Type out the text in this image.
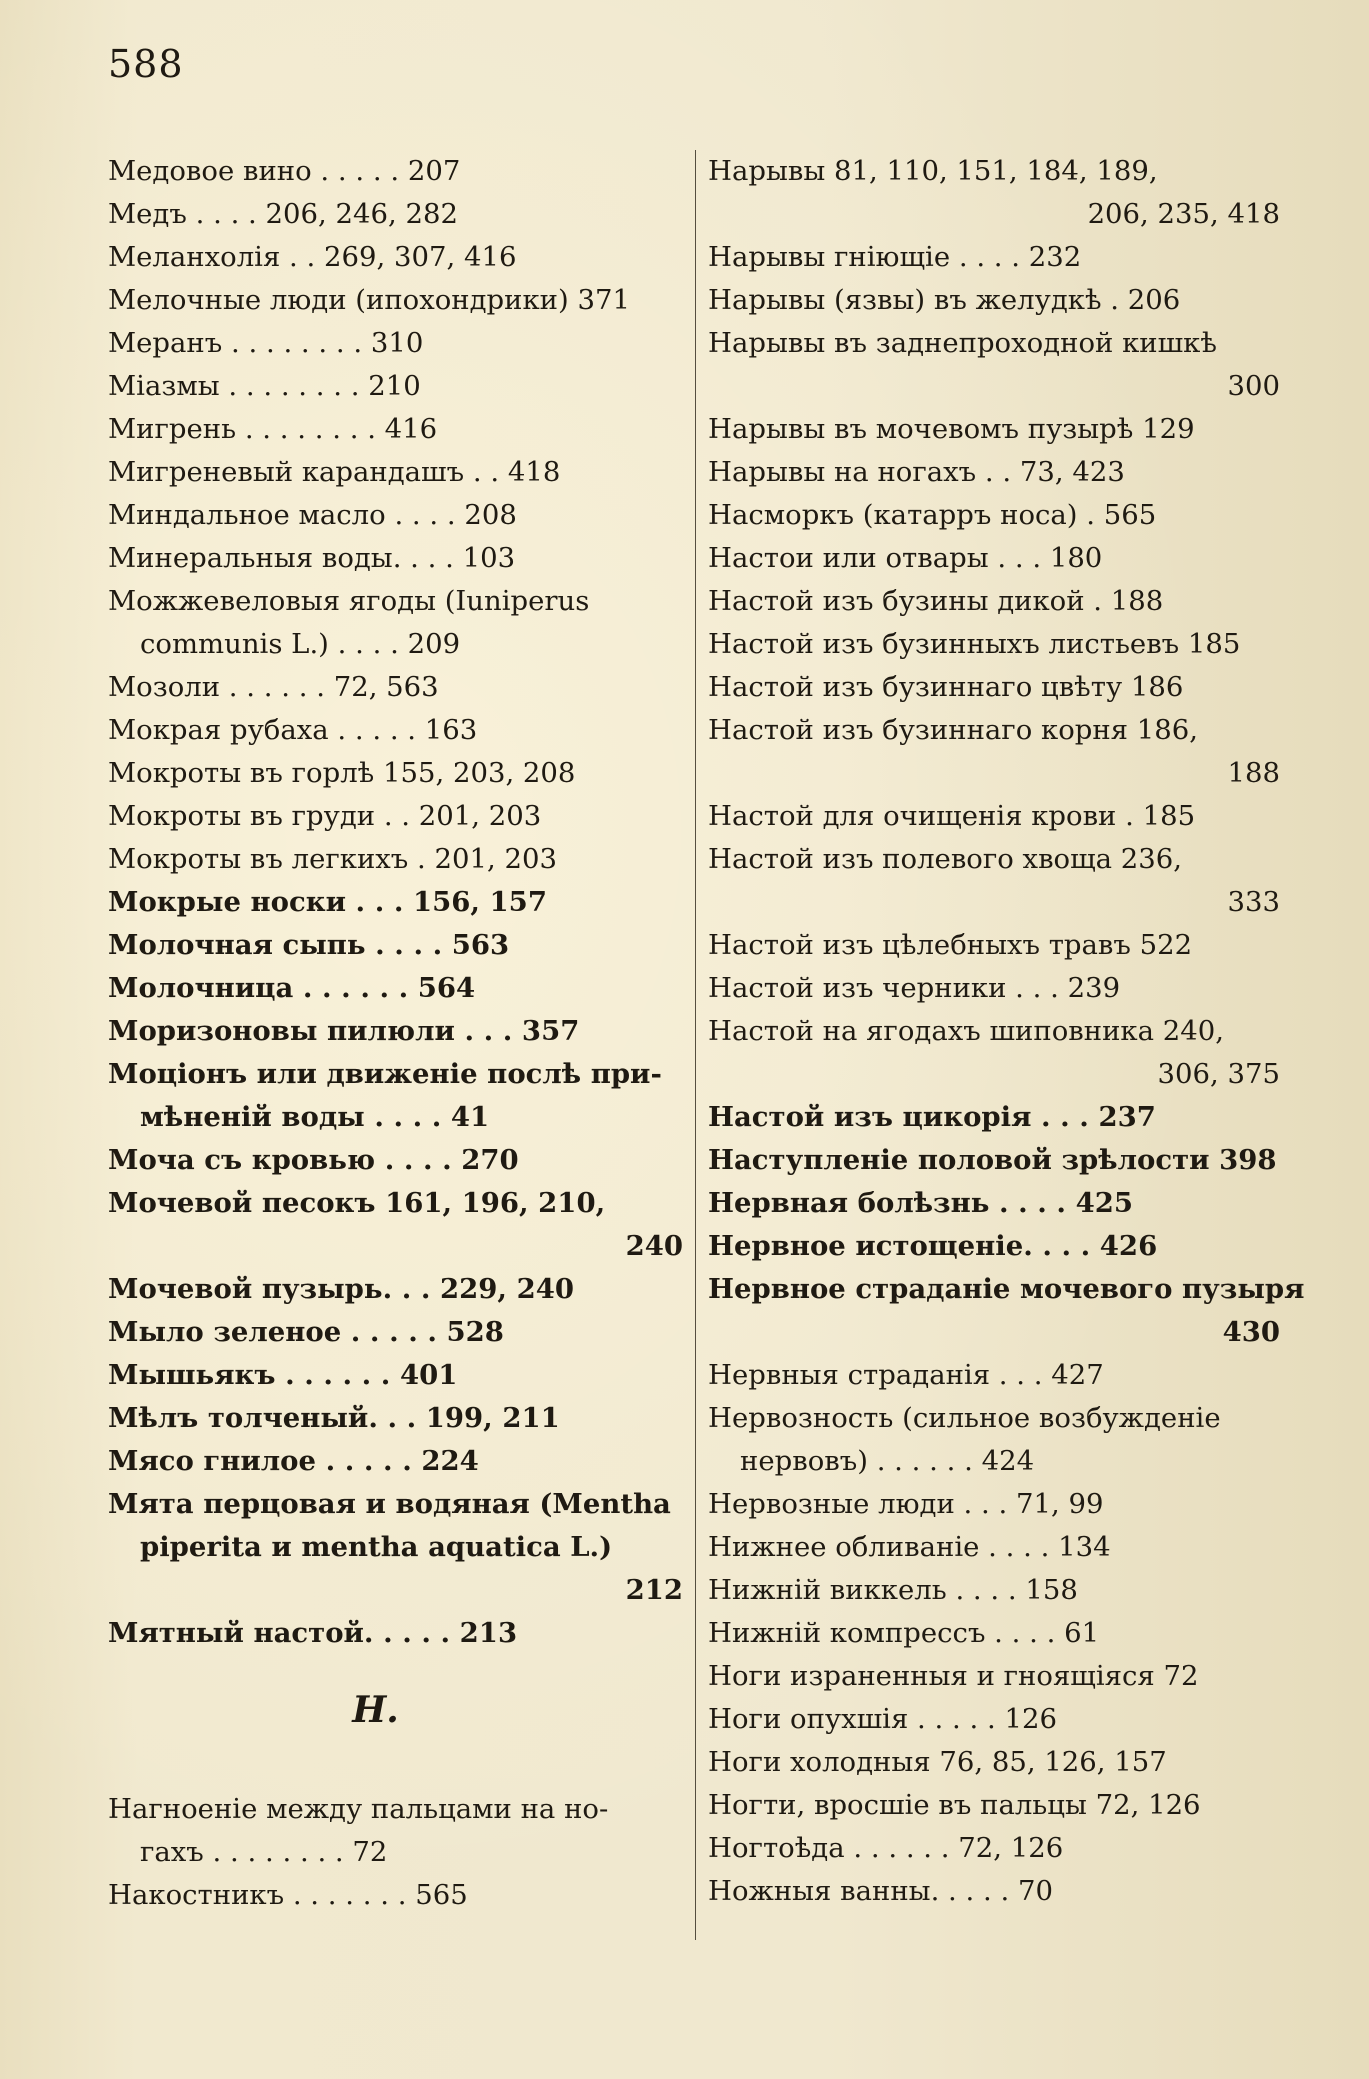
588
Медовое вино . . . . . 207
Медъ . . . . 206, 246, 282
Меланхолія . . 269, 307, 416
Мелочные люди (ипохондрики) 371
Меранъ . . . . . . . . 310
Міазмы . . . . . . . . 210
Мигрень . . . . . . . . 416
Мигреневый карандашъ . . 418
Миндальное масло . . . . 208
Минеральныя воды. . . . 103
Можжевеловыя ягоды (Iuniperus
communis L.) . . . . 209
Мозоли . . . . . . 72, 563
Мокрая рубаха . . . . . 163
Мокроты въ горлѣ 155, 203, 208
Мокроты въ груди . . 201, 203
Мокроты въ легкихъ . 201, 203
Мокрые носки . . . 156, 157
Молочная сыпь . . . . 563
Молочница . . . . . . 564
Моризоновы пилюли . . . 357
Моціонъ или движеніе послѣ при-
мѣненій воды . . . . 41
Моча съ кровью . . . . 270
Мочевой песокъ 161, 196, 210,
240
Мочевой пузырь. . . 229, 240
Мыло зеленое . . . . . 528
Мышьякъ . . . . . . 401
Мѣлъ толченый. . . 199, 211
Мясо гнилое . . . . . 224
Мята перцовая и водяная (Mentha
piperita и mentha aquatica L.)
212
Мятный настой. . . . . 213
Н.
Нагноеніе между пальцами на но-
гахъ . . . . . . . . 72
Накостникъ . . . . . . . 565
Нарывы 81, 110, 151, 184, 189,
206, 235, 418
Нарывы гніющіе . . . . 232
Нарывы (язвы) въ желудкѣ . 206
Нарывы въ заднепроходной кишкѣ
300
Нарывы въ мочевомъ пузырѣ 129
Нарывы на ногахъ . . 73, 423
Насморкъ (катарръ носа) . 565
Настои или отвары . . . 180
Настой изъ бузины дикой . 188
Настой изъ бузинныхъ листьевъ 185
Настой изъ бузиннаго цвѣту 186
Настой изъ бузиннаго корня 186,
188
Настой для очищенія крови . 185
Настой изъ полевого хвоща 236,
333
Настой изъ цѣлебныхъ травъ 522
Настой изъ черники . . . 239
Настой на ягодахъ шиповника 240,
306, 375
Настой изъ цикорія . . . 237
Наступленіе половой зрѣлости 398
Нервная болѣзнь . . . . 425
Нервное истощеніе. . . . 426
Нервное страданіе мочевого пузыря
430
Нервныя страданія . . . 427
Нервозность (сильное возбужденіе
нервовъ) . . . . . . 424
Нервозные люди . . . 71, 99
Нижнее обливаніе . . . . 134
Нижній виккель . . . . 158
Нижній компрессъ . . . . 61
Ноги израненныя и гноящіяся 72
Ноги опухшія . . . . . 126
Ноги холодныя 76, 85, 126, 157
Ногти, вросшіе въ пальцы 72, 126
Ногтоѣда . . . . . . 72, 126
Ножныя ванны. . . . . 70
